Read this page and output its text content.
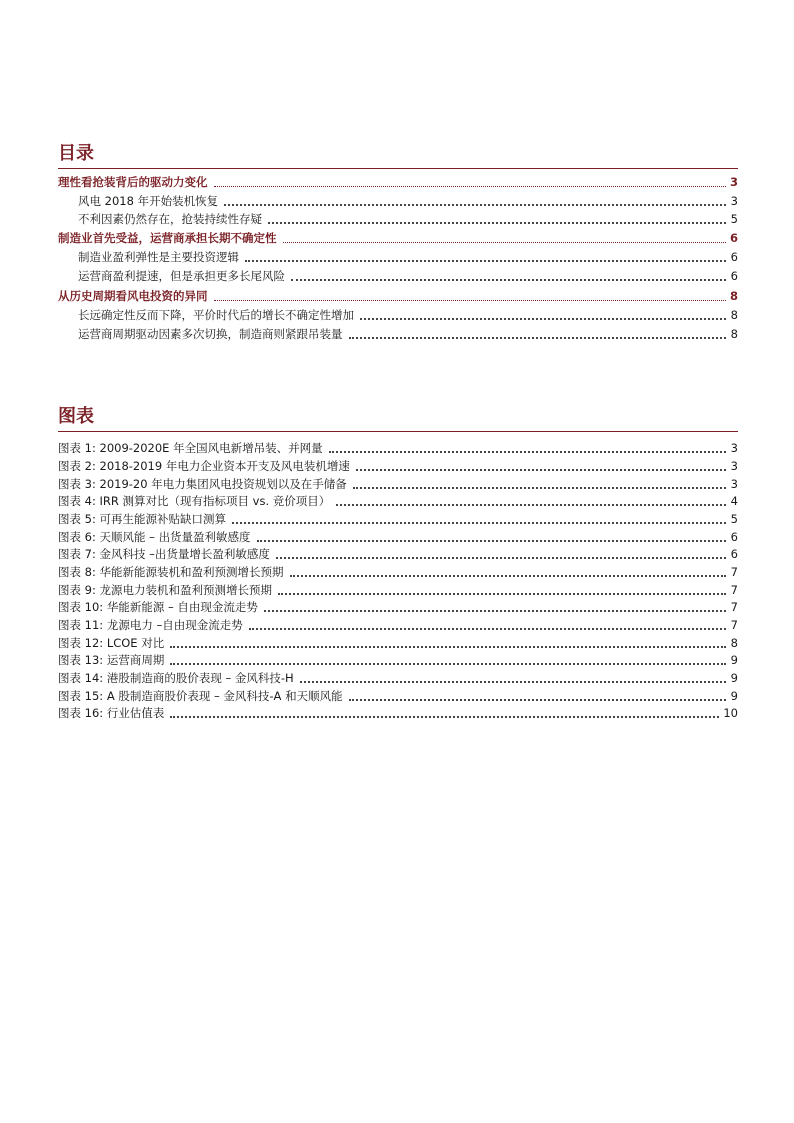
目录
理性看抢装背后的驱动力变化	3
风电 2018 年开始装机恢复	3
不利因素仍然存在，抢装持续性存疑	5
制造业首先受益，运营商承担长期不确定性	6
制造业盈利弹性是主要投资逻辑	6
运营商盈利提速，但是承担更多长尾风险	6
从历史周期看风电投资的异同	8
长远确定性反而下降，平价时代后的增长不确定性增加	8
运营商周期驱动因素多次切换，制造商则紧跟吊装量	8
图表
图表 1: 2009-2020E 年全国风电新增吊装、并网量	3
图表 2: 2018-2019 年电力企业资本开支及风电装机增速	3
图表 3: 2019-20 年电力集团风电投资规划以及在手储备	3
图表 4: IRR 测算对比（现有指标项目 vs. 竞价项目）	4
图表 5: 可再生能源补贴缺口测算	5
图表 6: 天顺风能 – 出货量盈利敏感度	6
图表 7: 金风科技 –出货量增长盈利敏感度	6
图表 8: 华能新能源装机和盈利预测增长预期	7
图表 9: 龙源电力装机和盈利预测增长预期	7
图表 10: 华能新能源 – 自由现金流走势	7
图表 11: 龙源电力 –自由现金流走势	7
图表 12: LCOE 对比	8
图表 13: 运营商周期	9
图表 14: 港股制造商的股价表现 – 金风科技-H	9
图表 15: A 股制造商股价表现 – 金风科技-A 和天顺风能	9
图表 16: 行业估值表	10
